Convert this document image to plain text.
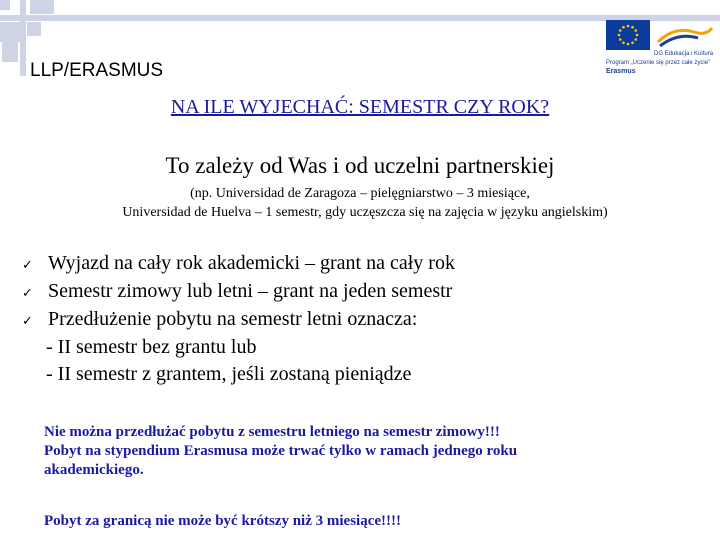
DG Edukacja i Kultura
Program „Uczenie się przez całe życie”
Erasmus
LLP/ERASMUS
NA ILE WYJECHAĆ: SEMESTR CZY ROK?
To zależy od Was i od uczelni partnerskiej
(np. Universidad de Zaragoza – pielęgniarstwo – 3 miesiące,
Universidad de Huelva – 1 semestr, gdy uczęszcza się na zajęcia w języku angielskim)
✓ Wyjazd na cały rok akademicki – grant na cały rok
✓ Semestr zimowy lub letni – grant na jeden semestr
✓ Przedłużenie pobytu na semestr letni oznacza:
- II semestr bez grantu lub
- II semestr z grantem, jeśli zostaną pieniądze
Nie można przedłużać pobytu z semestru letniego na semestr zimowy!!!
Pobyt na stypendium Erasmusa może trwać tylko w ramach jednego roku
akademickiego.
Pobyt za granicą nie może być krótszy niż 3 miesiące!!!!
